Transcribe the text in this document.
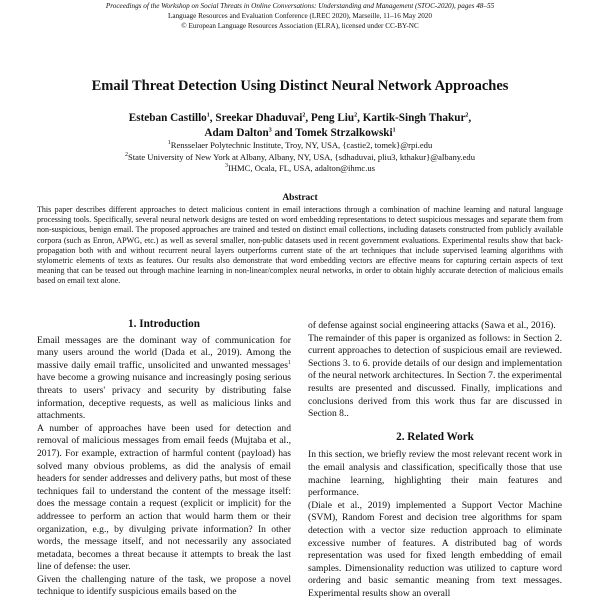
Proceedings of the Workshop on Social Threats in Online Conversations: Understanding and Management (STOC-2020), pages 48–55
Language Resources and Evaluation Conference (LREC 2020), Marseille, 11–16 May 2020
© European Language Resources Association (ELRA), licensed under CC-BY-NC
Email Threat Detection Using Distinct Neural Network Approaches
Esteban Castillo$^1$, Sreekar Dhaduvai$^2$, Peng Liu$^2$, Kartik-Singh Thakur$^2$,
Adam Dalton$^3$ and Tomek Strzalkowski$^1$
$^1$Rensselaer Polytechnic Institute, Troy, NY, USA, {castie2, tomek}@rpi.edu
$^2$State University of New York at Albany, Albany, NY, USA, {sdhaduvai, pliu3, kthakur}@albany.edu
$^3$IHMC, Ocala, FL, USA, adalton@ihmc.us
Abstract
This paper describes different approaches to detect malicious content in email interactions through a combination of machine learning and natural language processing tools. Specifically, several neural network designs are tested on word embedding representations to detect suspicious messages and separate them from non-suspicious, benign email. The proposed approaches are trained and tested on distinct email collections, including datasets constructed from publicly available corpora (such as Enron, APWG, etc.) as well as several smaller, non-public datasets used in recent government evaluations. Experimental results show that back-propagation both with and without recurrent neural layers outperforms current state of the art techniques that include supervised learning algorithms with stylometric elements of texts as features. Our results also demonstrate that word embedding vectors are effective means for capturing certain aspects of text meaning that can be teased out through machine learning in non-linear/complex neural networks, in order to obtain highly accurate detection of malicious emails based on email text alone.
1. Introduction

Email messages are the dominant way of communication for many users around the world (Dada et al., 2019). Among the massive daily email traffic, unsolicited and unwanted messages$^1$ have become a growing nuisance and increasingly posing serious threats to users' privacy and security by distributing false information, deceptive requests, as well as malicious links and attachments.

A number of approaches have been used for detection and removal of malicious messages from email feeds (Mujtaba et al., 2017). For example, extraction of harmful content (payload) has solved many obvious problems, as did the analysis of email headers for sender addresses and delivery paths, but most of these techniques fail to understand the content of the message itself: does the message contain a request (explicit or implicit) for the addressee to perform an action that would harm them or their organization, e.g., by divulging private information? In other words, the message itself, and not necessarily any associated metadata, becomes a threat because it attempts to break the last line of defense: the user.

Given the challenging nature of the task, we propose a novel technique to identify suspicious emails based on the

of defense against social engineering attacks (Sawa et al., 2016).

The remainder of this paper is organized as follows: in Section 2. current approaches to detection of suspicious email are reviewed. Sections 3. to 6. provide details of our design and implementation of the neural network architectures. In Section 7. the experimental results are presented and discussed. Finally, implications and conclusions derived from this work thus far are discussed in Section 8..

2. Related Work

In this section, we briefly review the most relevant recent work in the email analysis and classification, specifically those that use machine learning, highlighting their main features and performance.

(Diale et al., 2019) implemented a Support Vector Machine (SVM), Random Forest and decision tree algorithms for spam detection with a vector size reduction approach to eliminate excessive number of features. A distributed bag of words representation was used for fixed length embedding of email samples. Dimensionality reduction was utilized to capture word ordering and basic semantic meaning from text messages. Experimental results show an overall
